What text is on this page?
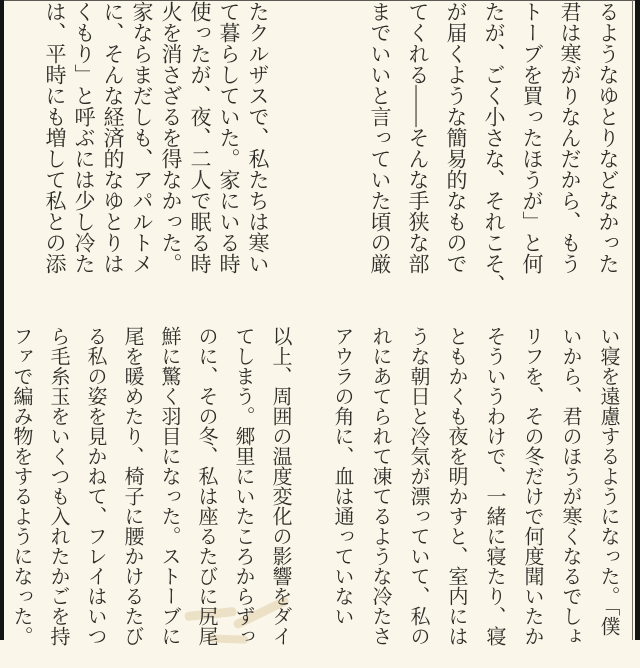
るようなゆとりなどなかった
君は寒がりなんだから、もう
トーブを買ったほうが」と何
たが、ごく小さな、それこそ、
が届くような簡易的なもので
てくれる――そんな手狭な部
までいいと言っていた頃の厳
たクルザスで、私たちは寒い
て暮らしていた。家にいる時
使ったが、夜、二人で眠る時
火を消さざるを得なかった。
家ならまだしも、アパルトメ
に、そんな経済的なゆとりは
くもり」と呼ぶには少し冷た
は、平時にも増して私との添
い寝を遠慮するようになった。「僕
いから、君のほうが寒くなるでしょ
リフを、その冬だけで何度聞いたか
そういうわけで、一緒に寝たり、寝
ともかくも夜を明かすと、室内には
うな朝日と冷気が漂っていて、私の
れにあてられて凍てるような冷たさ
アウラの角に、血は通っていない
以上、周囲の温度変化の影響をダイ
てしまう。郷里にいたころからずっ
のに、その冬、私は座るたびに尻尾
鮮に驚く羽目になった。ストーブに
尾を暖めたり、椅子に腰かけるたび
る私の姿を見かねて、フレイはいつ
ら毛糸玉をいくつも入れたかごを持
ファで編み物をするようになった。
